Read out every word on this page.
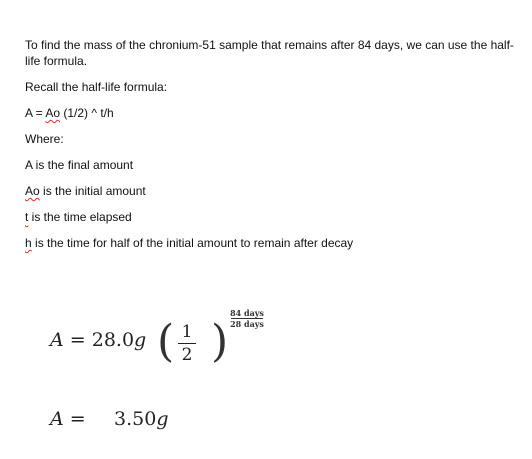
To find the mass of the chronium-51 sample that remains after 84 days, we can use the half-life formula.

Recall the half-life formula:

A = Ao (1/2) ^ t/h

Where:

A is the final amount

Ao is the initial amount

t is the time elapsed

h is the time for half of the initial amount to remain after decay

A = 28.0g ( 1
2 )
84 days
28 days
A = 3.50g
